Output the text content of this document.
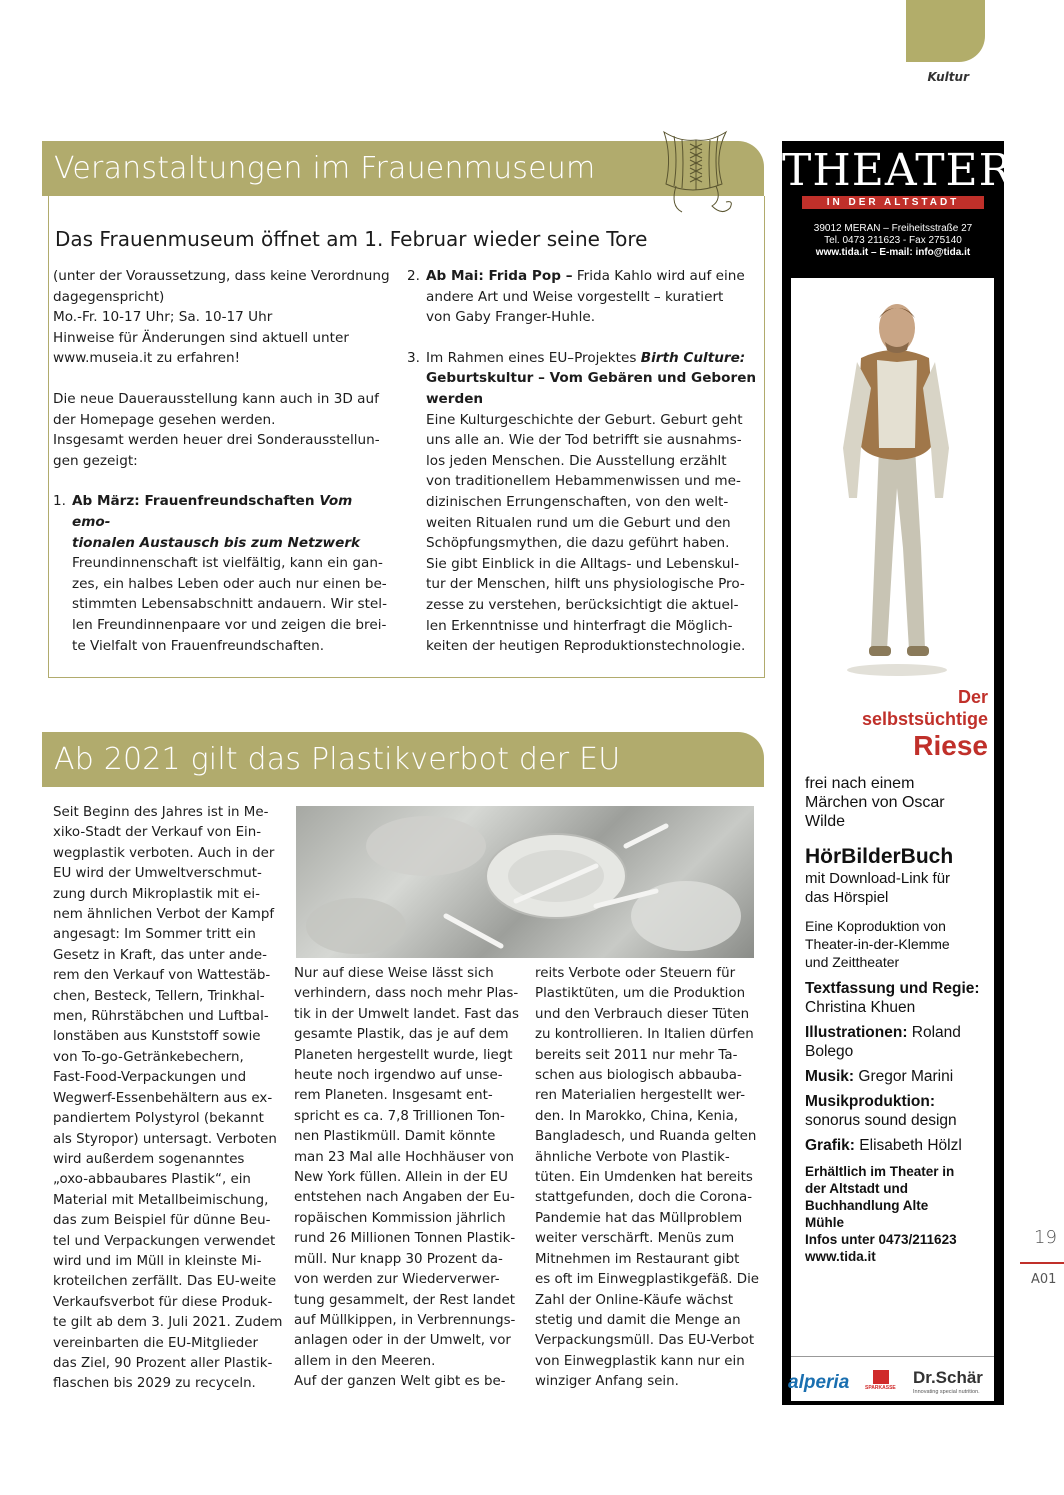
Kultur
Veranstaltungen im Frauenmuseum
Das Frauenmuseum öffnet am 1. Februar wieder seine Tore
(unter der Voraussetzung, dass keine Verordnung
dagegenspricht)
Mo.-Fr. 10-17 Uhr; Sa. 10-17 Uhr
Hinweise für Änderungen sind aktuell unter
www.museia.it zu erfahren!
Die neue Dauerausstellung kann auch in 3D auf
der Homepage gesehen werden.
Insgesamt werden heuer drei Sonderausstellun-
gen gezeigt:
1. Ab März: Frauenfreundschaften Vom emo-
tionalen Austausch bis zum Netzwerk
Freundinnenschaft ist vielfältig, kann ein gan-
zes, ein halbes Leben oder auch nur einen be-
stimmten Lebensabschnitt andauern. Wir stel-
len Freundinnenpaare vor und zeigen die brei-
te Vielfalt von Frauenfreundschaften.
2. Ab Mai: Frida Pop – Frida Kahlo wird auf eine
andere Art und Weise vorgestellt – kuratiert
von Gaby Franger-Huhle.
3. Im Rahmen eines EU–Projektes Birth Culture:
Geburtskultur – Vom Gebären und Geboren
werden
Eine Kulturgeschichte der Geburt. Geburt geht
uns alle an. Wie der Tod betrifft sie ausnahms-
los jeden Menschen. Die Ausstellung erzählt
von traditionellem Hebammenwissen und me-
dizinischen Errungenschaften, von den welt-
weiten Ritualen rund um die Geburt und den
Schöpfungsmythen, die dazu geführt haben.
Sie gibt Einblick in die Alltags- und Lebenskul-
tur der Menschen, hilft uns physiologische Pro-
zesse zu verstehen, berücksichtigt die aktuel-
len Erkenntnisse und hinterfragt die Möglich-
keiten der heutigen Reproduktionstechnologie.
Ab 2021 gilt das Plastikverbot der EU
Seit Beginn des Jahres ist in Me-
xiko-Stadt der Verkauf von Ein-
wegplastik verboten. Auch in der
EU wird der Umweltverschmut-
zung durch Mikroplastik mit ei-
nem ähnlichen Verbot der Kampf
angesagt: Im Sommer tritt ein
Gesetz in Kraft, das unter ande-
rem den Verkauf von Wattestäb-
chen, Besteck, Tellern, Trinkhal-
men, Rührstäbchen und Luftbal-
lonstäben aus Kunststoff sowie
von To-go-Getränkebechern,
Fast-Food-Verpackungen und
Wegwerf-Essenbehältern aus ex-
pandiertem Polystyrol (bekannt
als Styropor) untersagt. Verboten
wird außerdem sogenanntes
„oxo-abbaubares Plastik“, ein
Material mit Metallbeimischung,
das zum Beispiel für dünne Beu-
tel und Verpackungen verwendet
wird und im Müll in kleinste Mi-
kroteilchen zerfällt. Das EU-weite
Verkaufsverbot für diese Produk-
te gilt ab dem 3. Juli 2021. Zudem
vereinbarten die EU-Mitglieder
das Ziel, 90 Prozent aller Plastik-
flaschen bis 2029 zu recyceln.
Nur auf diese Weise lässt sich
verhindern, dass noch mehr Plas-
tik in der Umwelt landet. Fast das
gesamte Plastik, das je auf dem
Planeten hergestellt wurde, liegt
heute noch irgendwo auf unse-
rem Planeten. Insgesamt ent-
spricht es ca. 7,8 Trillionen Ton-
nen Plastikmüll. Damit könnte
man 23 Mal alle Hochhäuser von
New York füllen. Allein in der EU
entstehen nach Angaben der Eu-
ropäischen Kommission jährlich
rund 26 Millionen Tonnen Plastik-
müll. Nur knapp 30 Prozent da-
von werden zur Wiederverwer-
tung gesammelt, der Rest landet
auf Müllkippen, in Verbrennungs-
anlagen oder in der Umwelt, vor
allem in den Meeren.
Auf der ganzen Welt gibt es be-
reits Verbote oder Steuern für
Plastiktüten, um die Produktion
und den Verbrauch dieser Tüten
zu kontrollieren. In Italien dürfen
bereits seit 2011 nur mehr Ta-
schen aus biologisch abbauba-
ren Materialien hergestellt wer-
den. In Marokko, China, Kenia,
Bangladesch, und Ruanda gelten
ähnliche Verbote von Plastik-
tüten. Ein Umdenken hat bereits
stattgefunden, doch die Corona-
Pandemie hat das Müllproblem
weiter verschärft. Menüs zum
Mitnehmen im Restaurant gibt
es oft im Einwegplastikgefäß. Die
Zahl der Online-Käufe wächst
stetig und damit die Menge an
Verpackungsmüll. Das EU-Verbot
von Einwegplastik kann nur ein
winziger Anfang sein.
THEATER
IN DER ALTSTADT
39012 MERAN – Freiheitsstraße 27
Tel. 0473 211623 - Fax 275140
www.tida.it – E-mail: info@tida.it
Der
selbstsüchtige
Riese
frei nach einem
Märchen von Oscar
Wilde
HörBilderBuch
mit Download-Link für
das Hörspiel
Eine Koproduktion von
Theater-in-der-Klemme
und Zeittheater
Textfassung und Regie:
Christina Khuen
Illustrationen: Roland Bolego
Musik: Gregor Marini
Musikproduktion:
sonorus sound design
Grafik: Elisabeth Hölzl
Erhältlich im Theater in
der Altstadt und
Buchhandlung Alte
Mühle
Infos unter 0473/211623
www.tida.it
alperia	SPARKASSE
Dr.Schär
Innovating special nutrition.
19
A01
